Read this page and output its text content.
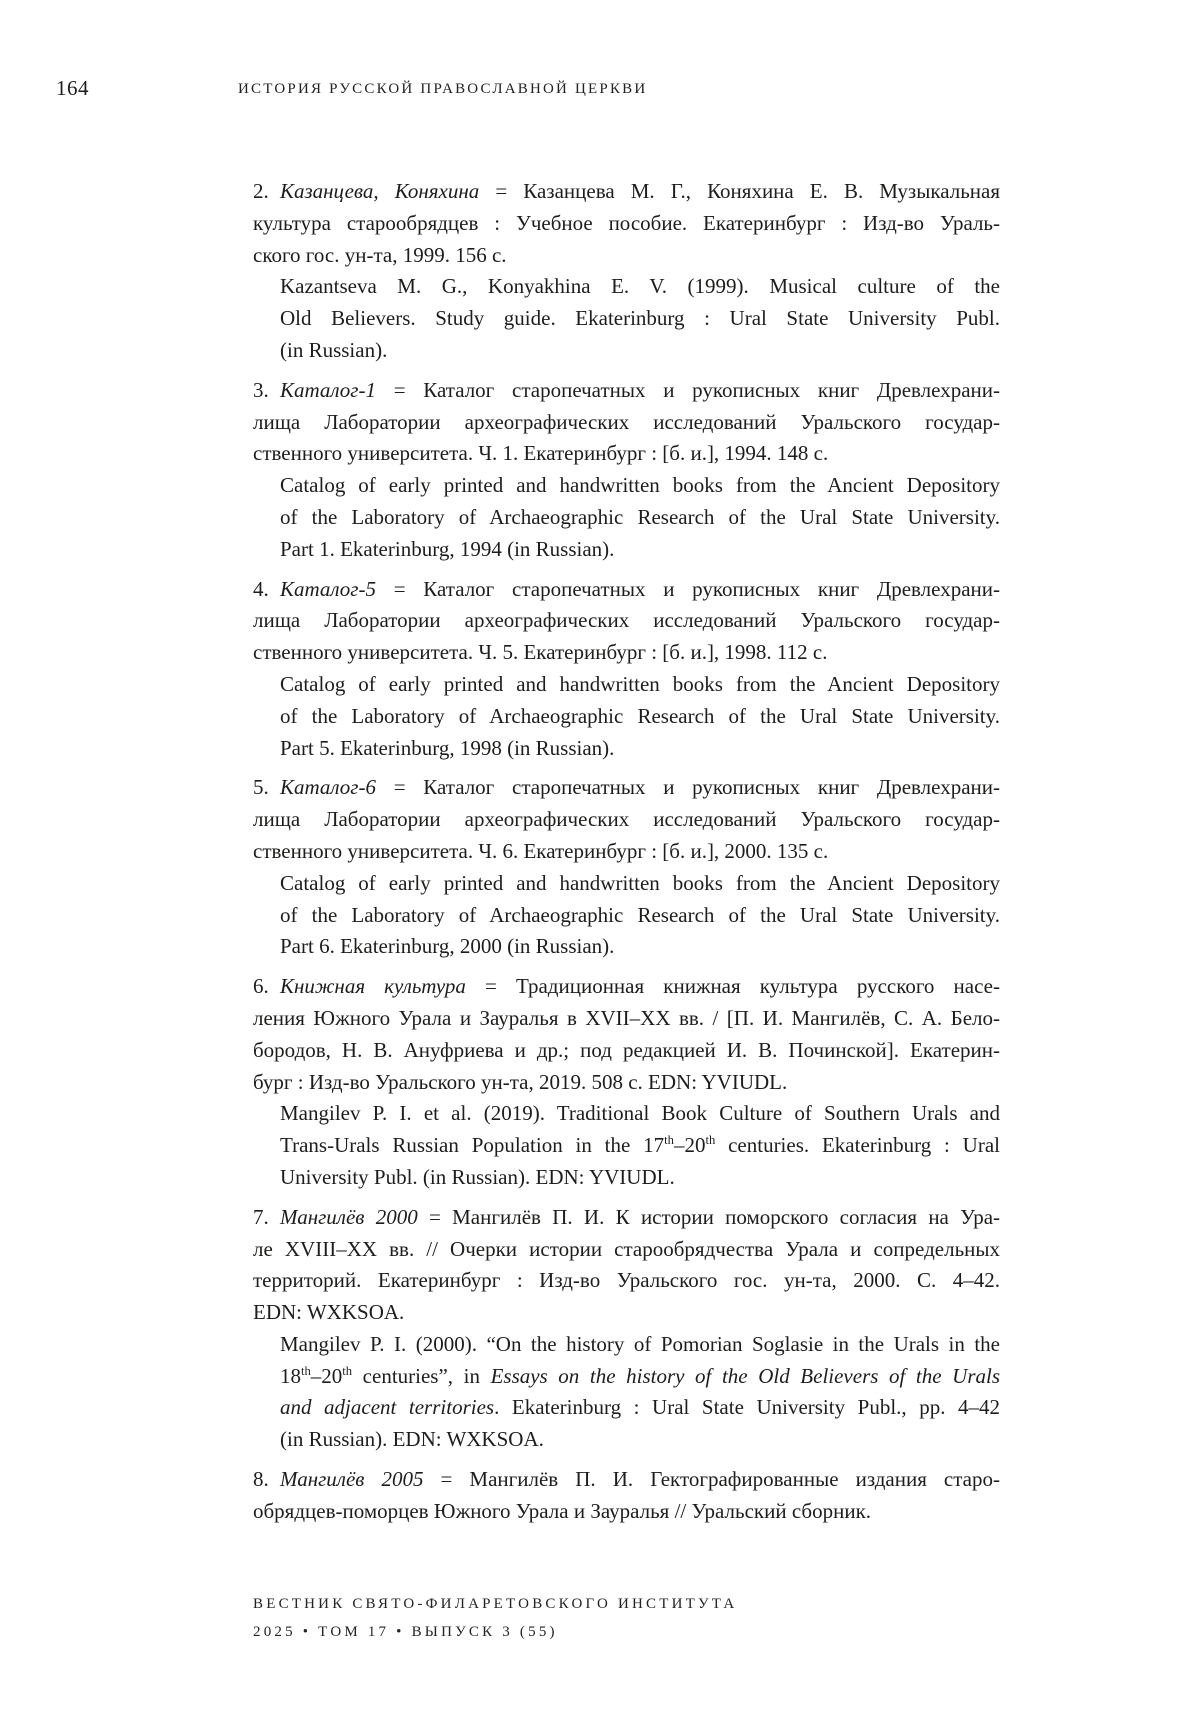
164	ИСТОРИЯ РУССКОЙ ПРАВОСЛАВНОЙ ЦЕРКВИ
2. Казанцева, Коняхина = Казанцева М. Г., Коняхина Е. В. Музыкальная
культура старообрядцев : Учебное пособие. Екатеринбург : Изд-во Ураль-
ского гос. ун-та, 1999. 156 с.
Kazantseva M. G., Konyakhina E. V. (1999). Musical culture of the
Old Believers. Study guide. Ekaterinburg : Ural State University Publ.
(in Russian).
3. Каталог-1 = Каталог старопечатных и рукописных книг Древлехрани-
лища Лаборатории археографических исследований Уральского государ-
ственного университета. Ч. 1. Екатеринбург : [б. и.], 1994. 148 с.
Catalog of early printed and handwritten books from the Ancient Depository
of the Laboratory of Archaeographic Research of the Ural State University.
Part 1. Ekaterinburg, 1994 (in Russian).
4. Каталог-5 = Каталог старопечатных и рукописных книг Древлехрани-
лища Лаборатории археографических исследований Уральского государ-
ственного университета. Ч. 5. Екатеринбург : [б. и.], 1998. 112 с.
Catalog of early printed and handwritten books from the Ancient Depository
of the Laboratory of Archaeographic Research of the Ural State University.
Part 5. Ekaterinburg, 1998 (in Russian).
5. Каталог-6 = Каталог старопечатных и рукописных книг Древлехрани-
лища Лаборатории археографических исследований Уральского государ-
ственного университета. Ч. 6. Екатеринбург : [б. и.], 2000. 135 с.
Catalog of early printed and handwritten books from the Ancient Depository
of the Laboratory of Archaeographic Research of the Ural State University.
Part 6. Ekaterinburg, 2000 (in Russian).
6. Книжная культура = Традиционная книжная культура русского насе-
ления Южного Урала и Зауралья в XVII–XX вв. / [П. И. Мангилёв, С. А. Бело-
бородов, Н. В. Ануфриева и др.; под редакцией И. В. Починской]. Екатерин-
бург : Изд-во Уральского ун-та, 2019. 508 с. EDN: YVIUDL.
Mangilev P. I. et al. (2019). Traditional Book Culture of Southern Urals and
Trans-Urals Russian Population in the 17th–20th centuries. Ekaterinburg : Ural
University Publ. (in Russian). EDN: YVIUDL.
7. Мангилёв 2000 = Мангилёв П. И. К истории поморского согласия на Ура-
ле XVIII–XX вв. // Очерки истории старообрядчества Урала и сопредельных
территорий. Екатеринбург : Изд-во Уральского гос. ун-та, 2000. С. 4–42.
EDN: WXKSOA.
Mangilev P. I. (2000). “On the history of Pomorian Soglasie in the Urals in the
18th–20th centuries”, in Essays on the history of the Old Believers of the Urals
and adjacent territories. Ekaterinburg : Ural State University Publ., pp. 4–42
(in Russian). EDN: WXKSOA.
8. Мангилёв 2005 = Мангилёв П. И. Гектографированные издания старо-
обрядцев-поморцев Южного Урала и Зауралья // Уральский сборник.
ВЕСТНИК СВЯТО-ФИЛАРЕТОВСКОГО ИНСТИТУТА
2025 • ТОМ 17 • ВЫПУСК 3 (55)
